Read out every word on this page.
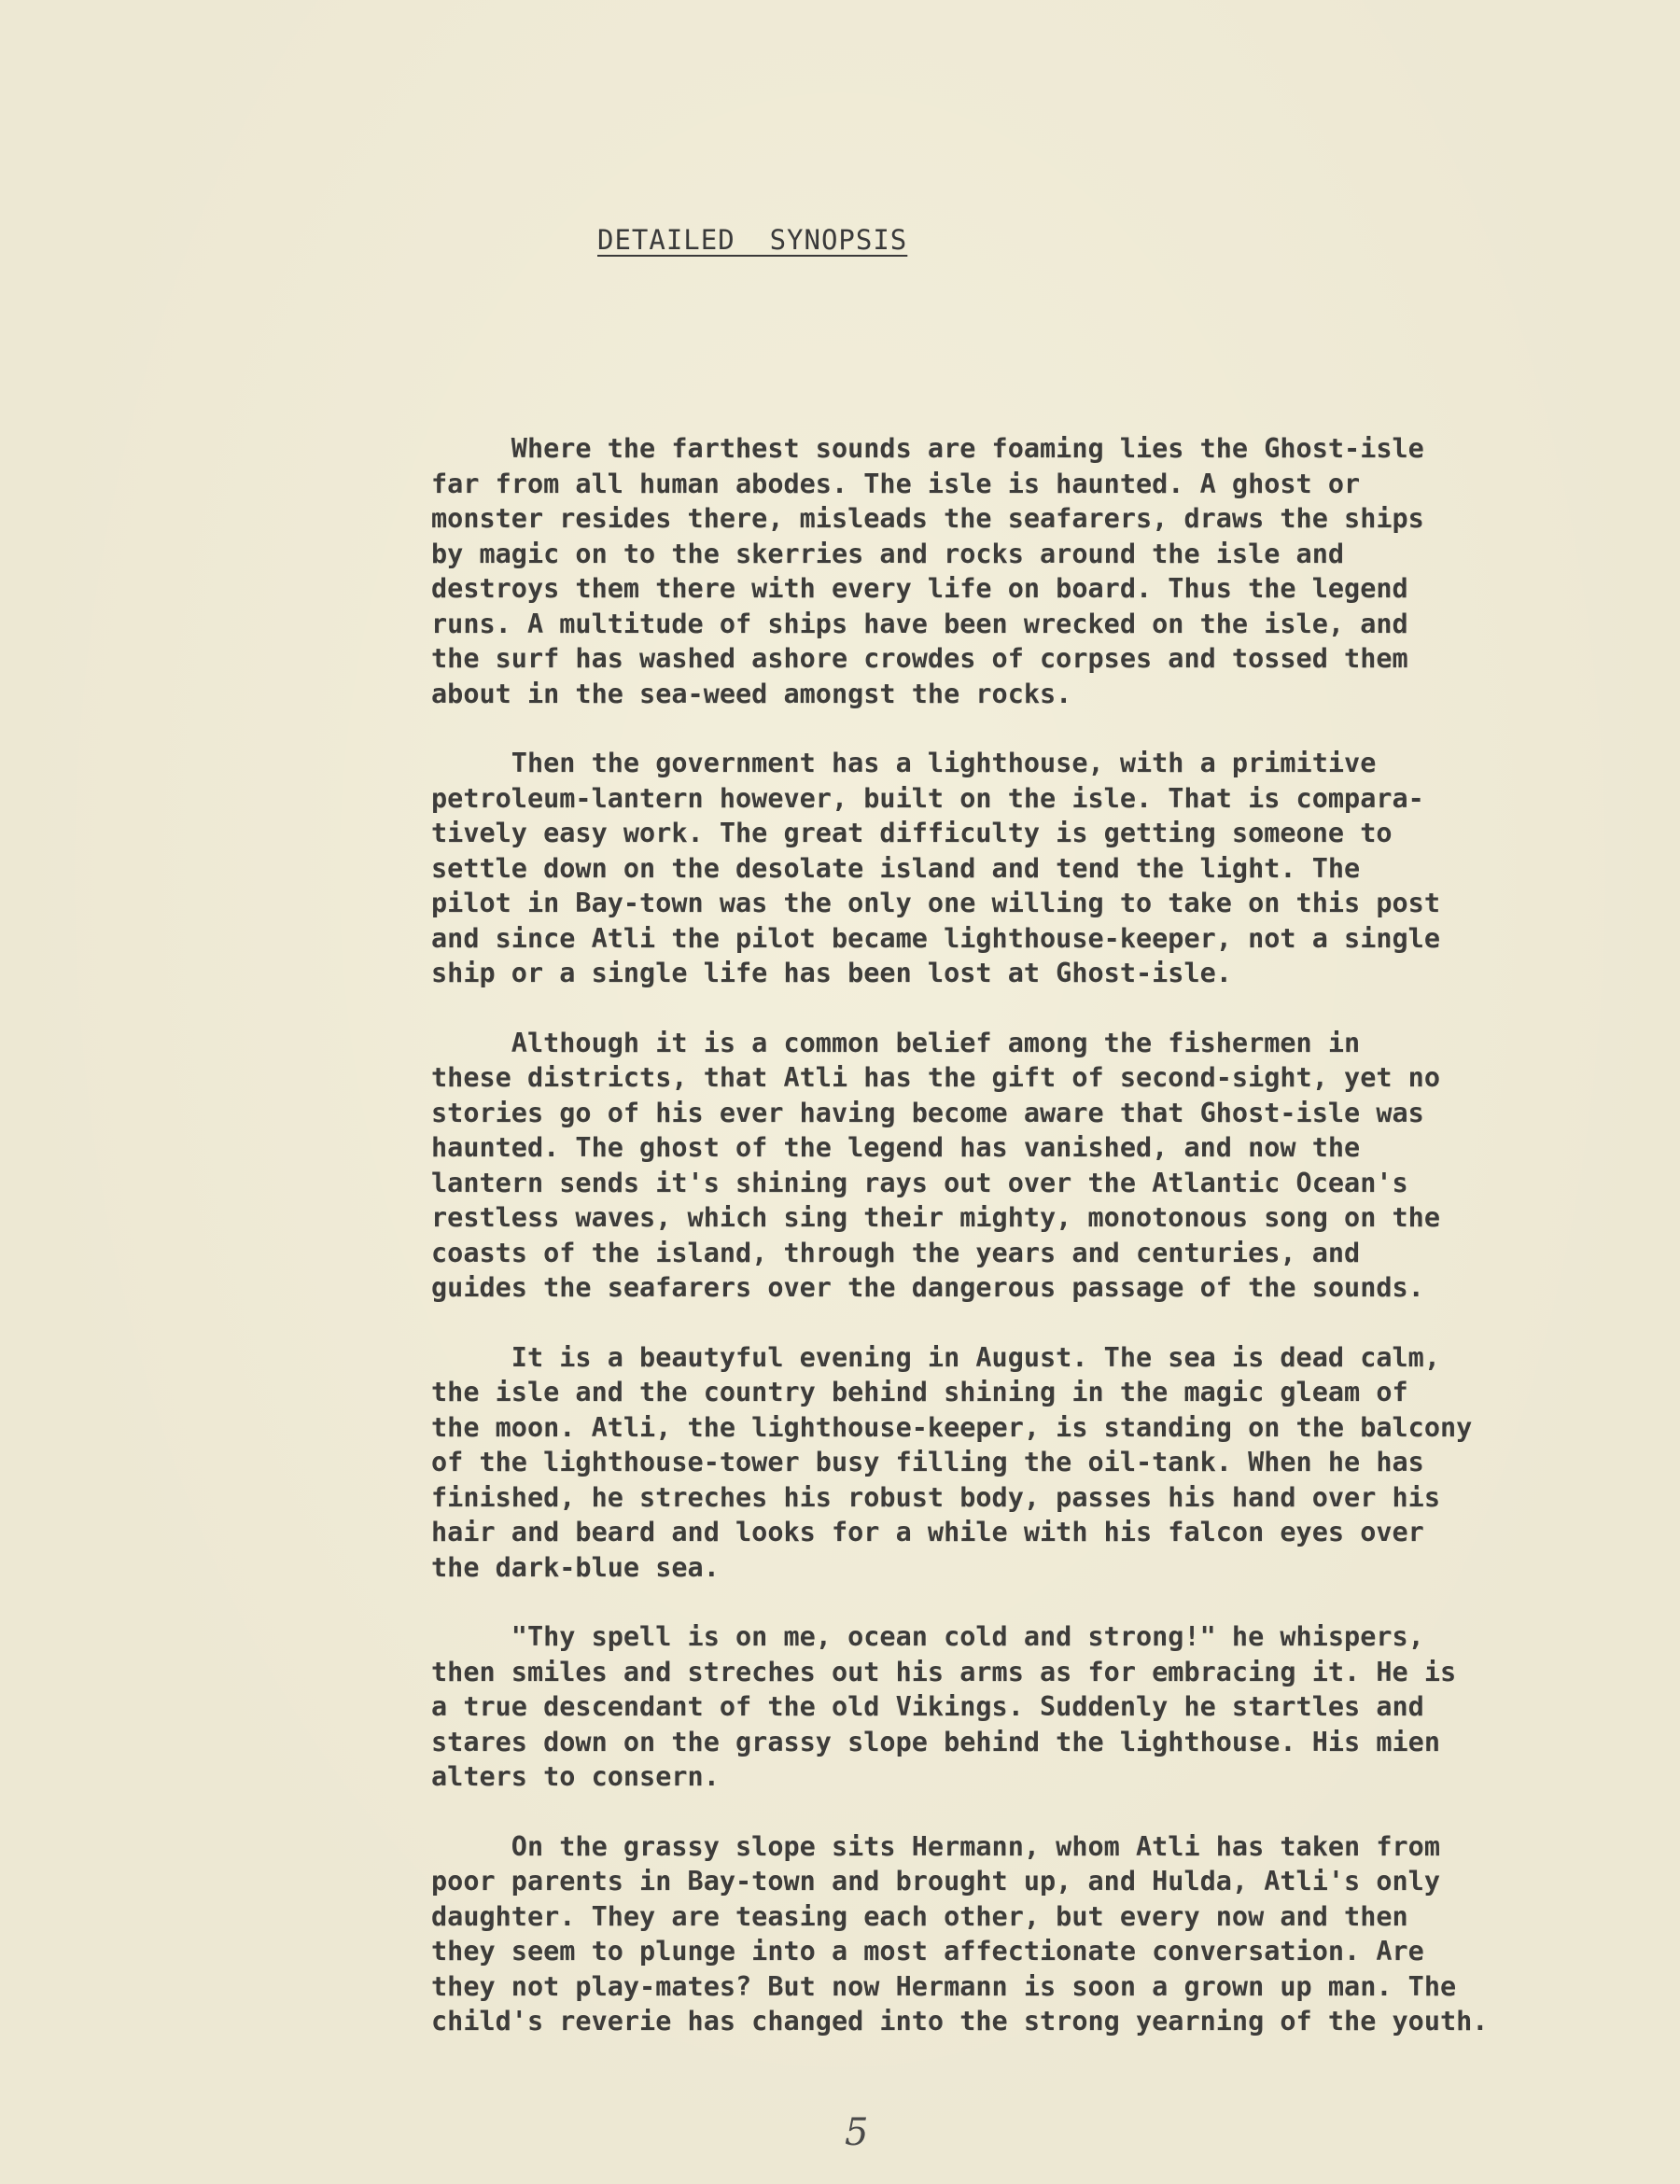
DETAILED  SYNOPSIS
Where the farthest sounds are foaming lies the Ghost-isle
far from all human abodes. The isle is haunted. A ghost or
monster resides there, misleads the seafarers, draws the ships
by magic on to the skerries and rocks around the isle and
destroys them there with every life on board. Thus the legend
runs. A multitude of ships have been wrecked on the isle, and
the surf has washed ashore crowdes of corpses and tossed them
about in the sea-weed amongst the rocks.
Then the government has a lighthouse, with a primitive
petroleum-lantern however, built on the isle. That is compara-
tively easy work. The great difficulty is getting someone to
settle down on the desolate island and tend the light. The
pilot in Bay-town was the only one willing to take on this post
and since Atli the pilot became lighthouse-keeper, not a single
ship or a single life has been lost at Ghost-isle.
Although it is a common belief among the fishermen in
these districts, that Atli has the gift of second-sight, yet no
stories go of his ever having become aware that Ghost-isle was
haunted. The ghost of the legend has vanished, and now the
lantern sends it's shining rays out over the Atlantic Ocean's
restless waves, which sing their mighty, monotonous song on the
coasts of the island, through the years and centuries, and
guides the seafarers over the dangerous passage of the sounds.
It is a beautyful evening in August. The sea is dead calm,
the isle and the country behind shining in the magic gleam of
the moon. Atli, the lighthouse-keeper, is standing on the balcony
of the lighthouse-tower busy filling the oil-tank. When he has
finished, he streches his robust body, passes his hand over his
hair and beard and looks for a while with his falcon eyes over
the dark-blue sea.
"Thy spell is on me, ocean cold and strong!" he whispers,
then smiles and streches out his arms as for embracing it. He is
a true descendant of the old Vikings. Suddenly he startles and
stares down on the grassy slope behind the lighthouse. His mien
alters to consern.
On the grassy slope sits Hermann, whom Atli has taken from
poor parents in Bay-town and brought up, and Hulda, Atli's only
daughter. They are teasing each other, but every now and then
they seem to plunge into a most affectionate conversation. Are
they not play-mates? But now Hermann is soon a grown up man. The
child's reverie has changed into the strong yearning of the youth.
5
